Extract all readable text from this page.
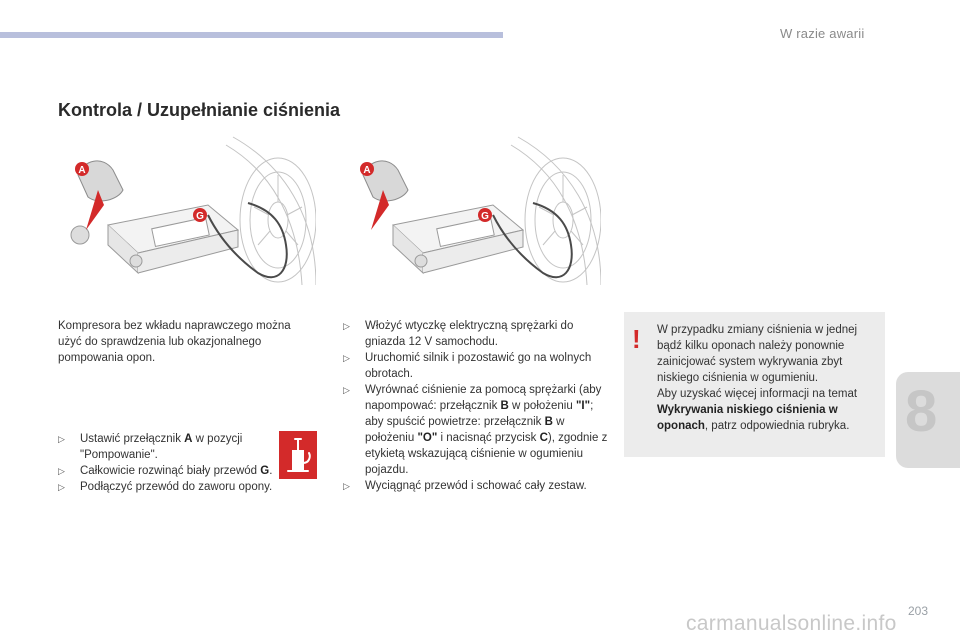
W razie awarii
Kontrola / Uzupełnianie ciśnienia
A
G
A
G

Kompresora bez wkładu naprawczego można użyć do sprawdzenia lub okazjonalnego pompowania opon.

▷ Ustawić przełącznik A w pozycji "Pompowanie".
▷ Całkowicie rozwinąć biały przewód G.
▷ Podłączyć przewód do zaworu opony.
▷ Włożyć wtyczkę elektryczną sprężarki do gniazda 12 V samochodu.
▷ Uruchomić silnik i pozostawić go na wolnych obrotach.
▷ Wyrównać ciśnienie za pomocą sprężarki (aby napompować: przełącznik B w położeniu "I"; aby spuścić powietrze: przełącznik B w położeniu "O" i nacisnąć przycisk C), zgodnie z etykietą wskazującą ciśnienie w ogumieniu pojazdu.
▷ Wyciągnąć przewód i schować cały zestaw.
! W przypadku zmiany ciśnienia w jednej bądź kilku oponach należy ponownie zainicjować system wykrywania zbyt niskiego ciśnienia w ogumieniu.
Aby uzyskać więcej informacji na temat Wykrywania niskiego ciśnienia w oponach, patrz odpowiednia rubryka. 8
203
carmanualsonline.info
